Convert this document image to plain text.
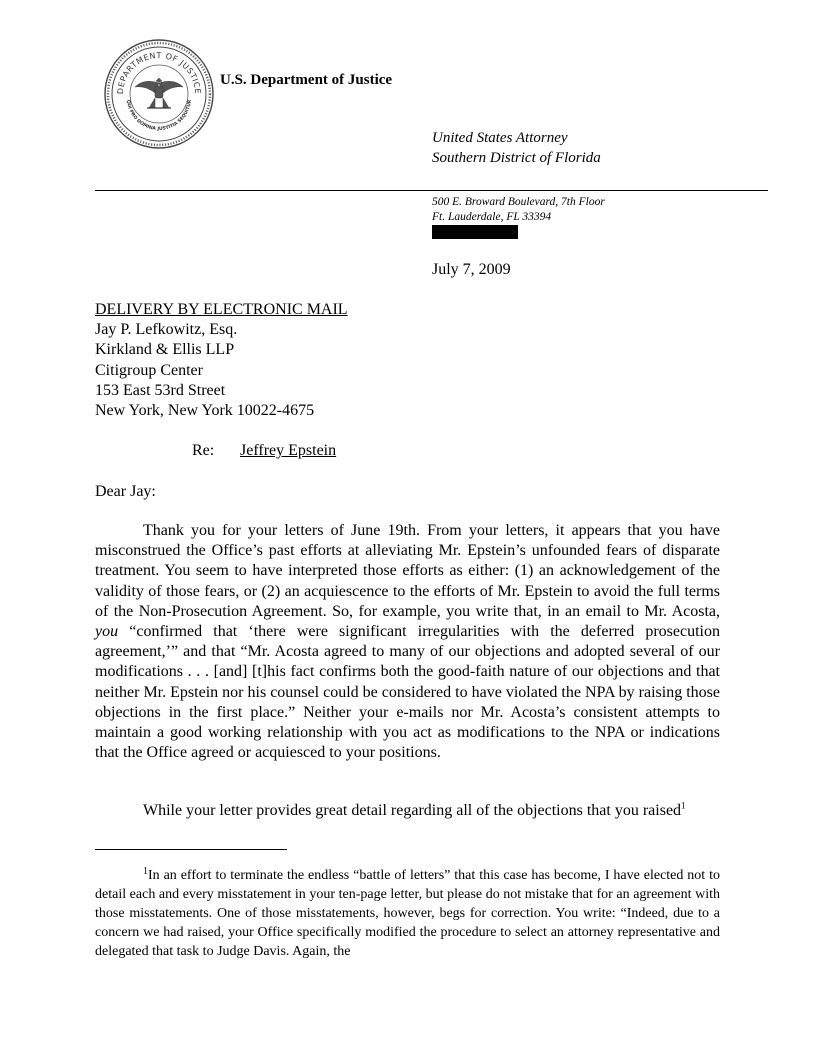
DEPARTMENT OF JUSTICE
QUI PRO DOMINA JUSTITIA SEQUITUR
U.S. Department of Justice
United States Attorney
Southern District of Florida
500 E. Broward Boulevard, 7th Floor
Ft. Lauderdale, FL 33394
July 7, 2009
DELIVERY BY ELECTRONIC MAIL
Jay P. Lefkowitz, Esq.
Kirkland & Ellis LLP
Citigroup Center
153 East 53rd Street
New York, New York 10022-4675
Re: Jeffrey Epstein
Dear Jay:
Thank you for your letters of June 19th. From your letters, it appears that you have misconstrued the Office’s past efforts at alleviating Mr. Epstein’s unfounded fears of disparate treatment. You seem to have interpreted those efforts as either: (1) an acknowledgement of the validity of those fears, or (2) an acquiescence to the efforts of Mr. Epstein to avoid the full terms of the Non-Prosecution Agreement. So, for example, you write that, in an email to Mr. Acosta, you “confirmed that ‘there were significant irregularities with the deferred prosecution agreement,’” and that “Mr. Acosta agreed to many of our objections and adopted several of our modifications . . . [and] [t]his fact confirms both the good-faith nature of our objections and that neither Mr. Epstein nor his counsel could be considered to have violated the NPA by raising those objections in the first place.” Neither your e-mails nor Mr. Acosta’s consistent attempts to maintain a good working relationship with you act as modifications to the NPA or indications that the Office agreed or acquiesced to your positions.
While your letter provides great detail regarding all of the objections that you raised$^1$
$^1$In an effort to terminate the endless “battle of letters” that this case has become, I have elected not to detail each and every misstatement in your ten-page letter, but please do not mistake that for an agreement with those misstatements. One of those misstatements, however, begs for correction. You write: “Indeed, due to a concern we had raised, your Office specifically modified the procedure to select an attorney representative and delegated that task to Judge Davis. Again, the
